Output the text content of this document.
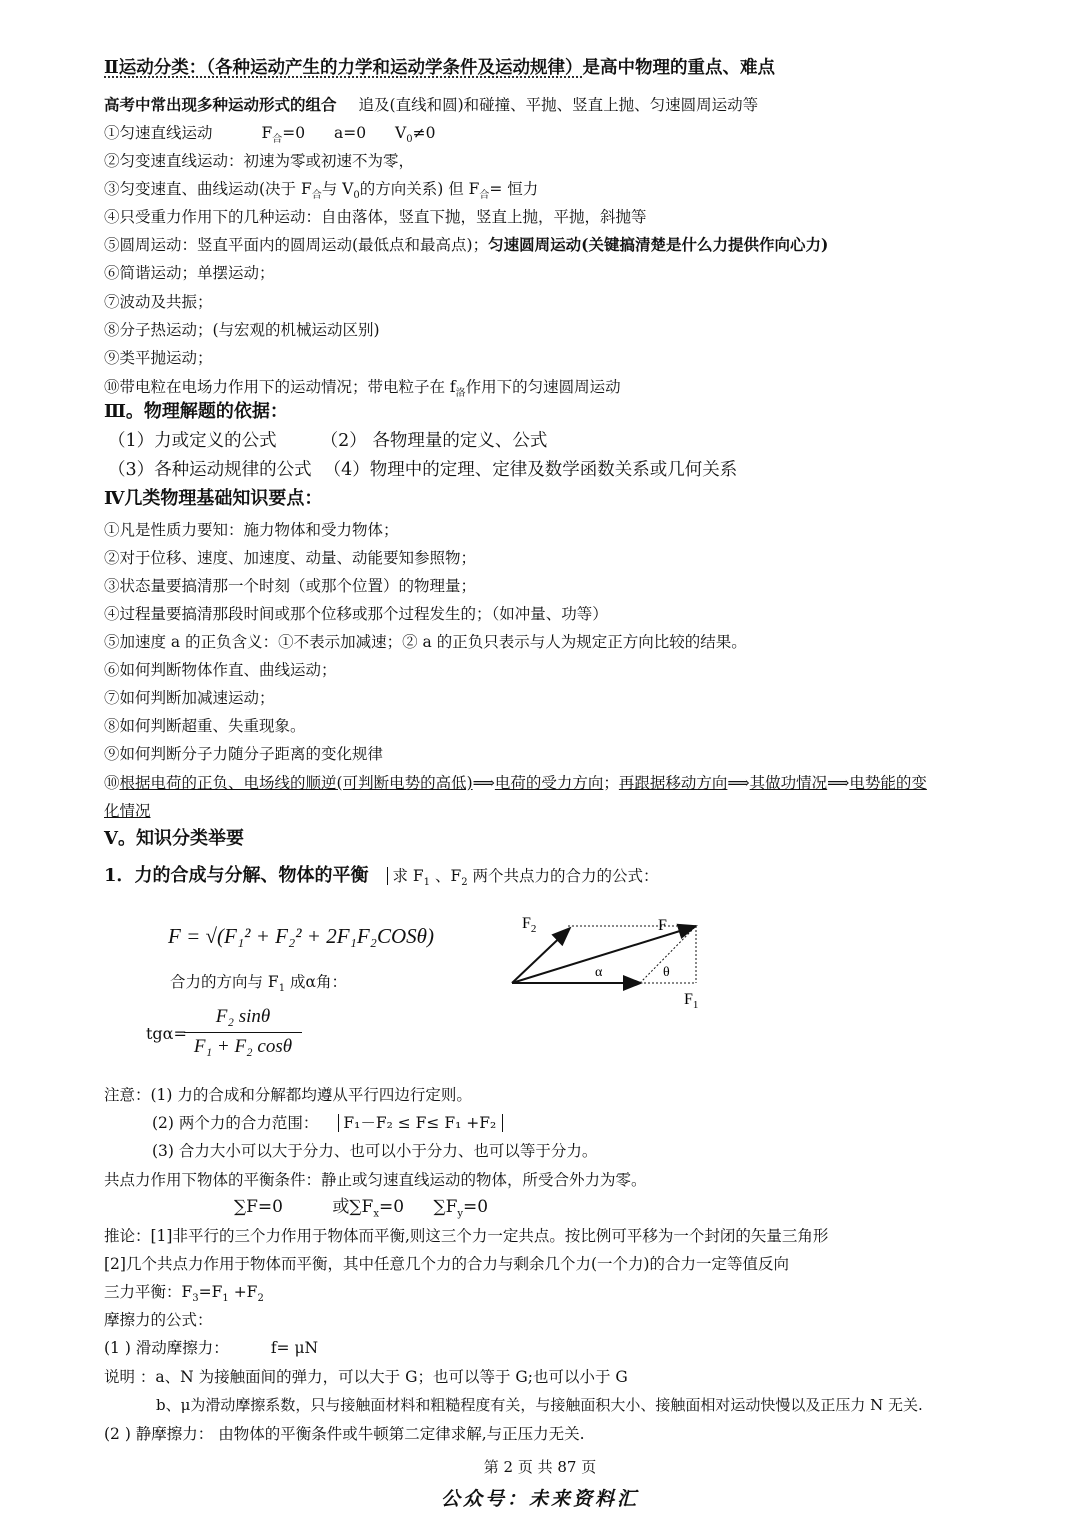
Ⅱ运动分类：（各种运动产生的力学和运动学条件及运动规律）是高中物理的重点、难点
高考中常出现多种运动形式的组合 追及(直线和圆)和碰撞、平抛、竖直上抛、匀速圆周运动等
①匀速直线运动	$F_合=0$ a=0 $V_0\ne 0$
②匀变速直线运动：初速为零或初速不为零，
③匀变速直、曲线运动(决于 $F_合$与 $V_0$的方向关系) 但 $F_合=$ 恒力
④只受重力作用下的几种运动：自由落体，竖直下抛，竖直上抛，平抛，斜抛等
⑤圆周运动：竖直平面内的圆周运动(最低点和最高点)；匀速圆周运动(关键搞清楚是什么力提供作向心力)
⑥简谐运动；单摆运动；
⑦波动及共振；
⑧分子热运动；(与宏观的机械运动区别)
⑨类平抛运动；
⑩带电粒在电场力作用下的运动情况；带电粒子在 $f_洛$作用下的匀速圆周运动
Ⅲ。物理解题的依据：
（1）力或定义的公式	（2） 各物理量的定义、公式
（3）各种运动规律的公式 （4）物理中的定理、定律及数学函数关系或几何关系
Ⅳ几类物理基础知识要点：
①凡是性质力要知：施力物体和受力物体；
②对于位移、速度、加速度、动量、动能要知参照物；
③状态量要搞清那一个时刻（或那个位置）的物理量；
④过程量要搞清那段时间或那个位移或那个过程发生的；（如冲量、功等）
⑤加速度 a 的正负含义：①不表示加减速；② a 的正负只表示与人为规定正方向比较的结果。
⑥如何判断物体作直、曲线运动；
⑦如何判断加减速运动；
⑧如何判断超重、失重现象。
⑨如何判断分子力随分子距离的变化规律
⑩根据电荷的正负、电场线的顺逆(可判断电势的高低)⟹电荷的受力方向；再跟据移动方向⟹其做功情况⟹电势能的变
化情况
V。知识分类举要
1．力的合成与分解、物体的平衡 求 $F_1$ 、$F_2$ 两个共点力的合力的公式：
F = √(F₁² + F₂² + 2F₁F₂COSθ)
合力的方向与 $F_1$ 成α角：
tgα=
$\frac{\text{F₂ sinθ}}{\text{F₁ + F₂ cosθ}}$
$F_2$	F
$F_1$
α	θ
注意：(1) 力的合成和分解都均遵从平行四边行定则。
(2) 两个力的合力范围： F₁－F₂ ≤ F≤ F₁ +F₂
(3) 合力大小可以大于分力、也可以小于分力、也可以等于分力。
共点力作用下物体的平衡条件：静止或匀速直线运动的物体，所受合外力为零。
∑F=0	或$\sum F_x=0$ $\sum F_y=0$
推论：[1]非平行的三个力作用于物体而平衡,则这三个力一定共点。按比例可平移为一个封闭的矢量三角形
[2]几个共点力作用于物体而平衡，其中任意几个力的合力与剩余几个力(一个力)的合力一定等值反向
三力平衡：$F_3=F_1 +F_2$
摩擦力的公式：
(1 ) 滑动摩擦力：	f= μN
说明 ：a、N 为接触面间的弹力，可以大于 G；也可以等于 G;也可以小于 G
b、μ为滑动摩擦系数，只与接触面材料和粗糙程度有关，与接触面积大小、接触面相对运动快慢以及正压力 N 无关.
(2 ) 静摩擦力： 由物体的平衡条件或牛顿第二定律求解,与正压力无关.
第 2 页 共 87 页
公众号：未来资料汇
